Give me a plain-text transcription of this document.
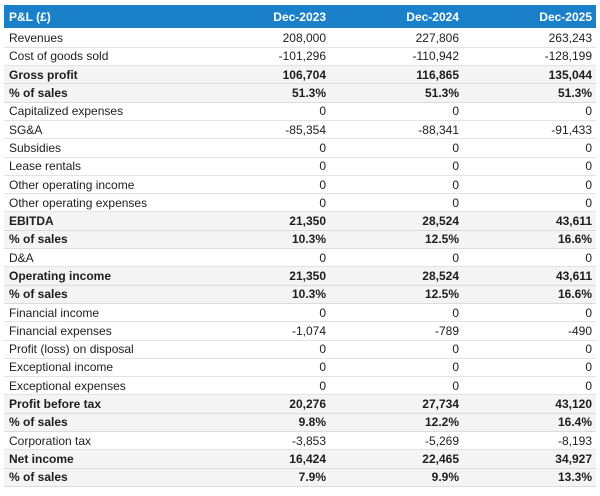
P&L (£)	Dec-2023	Dec-2024	Dec-2025
Revenues	208,000	227,806	263,243
Cost of goods sold	-101,296	-110,942	-128,199
Gross profit	106,704	116,865	135,044
% of sales	51.3%	51.3%	51.3%
Capitalized expenses	0	0	0
SG&A	-85,354	-88,341	-91,433
Subsidies	0	0	0
Lease rentals	0	0	0
Other operating income	0	0	0
Other operating expenses	0	0	0
EBITDA	21,350	28,524	43,611
% of sales	10.3%	12.5%	16.6%
D&A	0	0	0
Operating income	21,350	28,524	43,611
% of sales	10.3%	12.5%	16.6%
Financial income	0	0	0
Financial expenses	-1,074	-789	-490
Profit (loss) on disposal	0	0	0
Exceptional income	0	0	0
Exceptional expenses	0	0	0
Profit before tax	20,276	27,734	43,120
% of sales	9.8%	12.2%	16.4%
Corporation tax	-3,853	-5,269	-8,193
Net income	16,424	22,465	34,927
% of sales	7.9%	9.9%	13.3%
